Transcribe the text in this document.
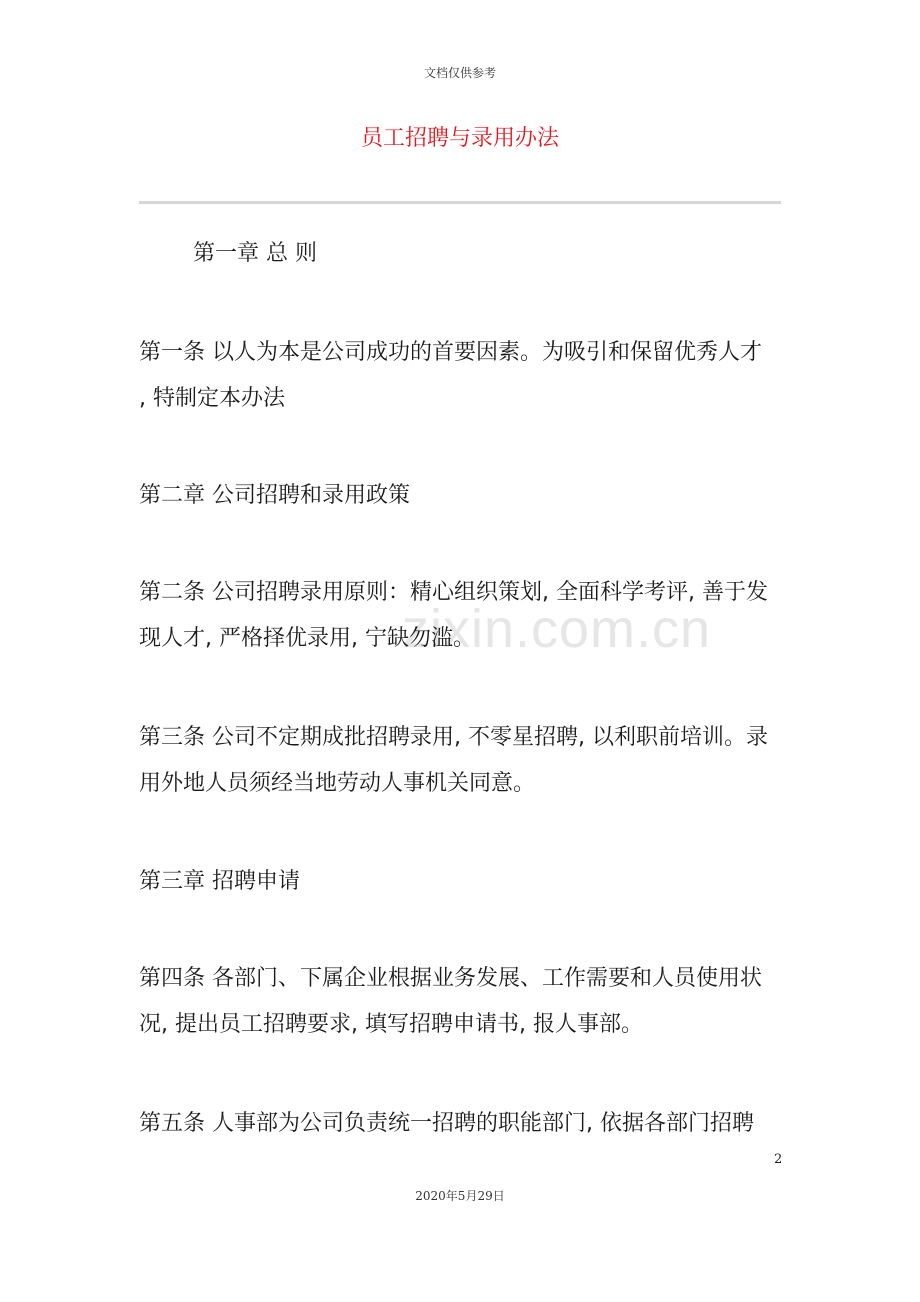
文档仅供参考
员工招聘与录用办法
zixin.com.cn
第一章 总 则
第一条 以人为本是公司成功的首要因素。为吸引和保留优秀人才
, 特制定本办法
第二章 公司招聘和录用政策
第二条 公司招聘录用原则：精心组织策划, 全面科学考评, 善于发
现人才, 严格择优录用, 宁缺勿滥。
第三条 公司不定期成批招聘录用, 不零星招聘, 以利职前培训。录
用外地人员须经当地劳动人事机关同意。
第三章 招聘申请
第四条 各部门、下属企业根据业务发展、工作需要和人员使用状
况, 提出员工招聘要求, 填写招聘申请书, 报人事部。
第五条 人事部为公司负责统一招聘的职能部门, 依据各部门招聘
2
2020年5月29日
